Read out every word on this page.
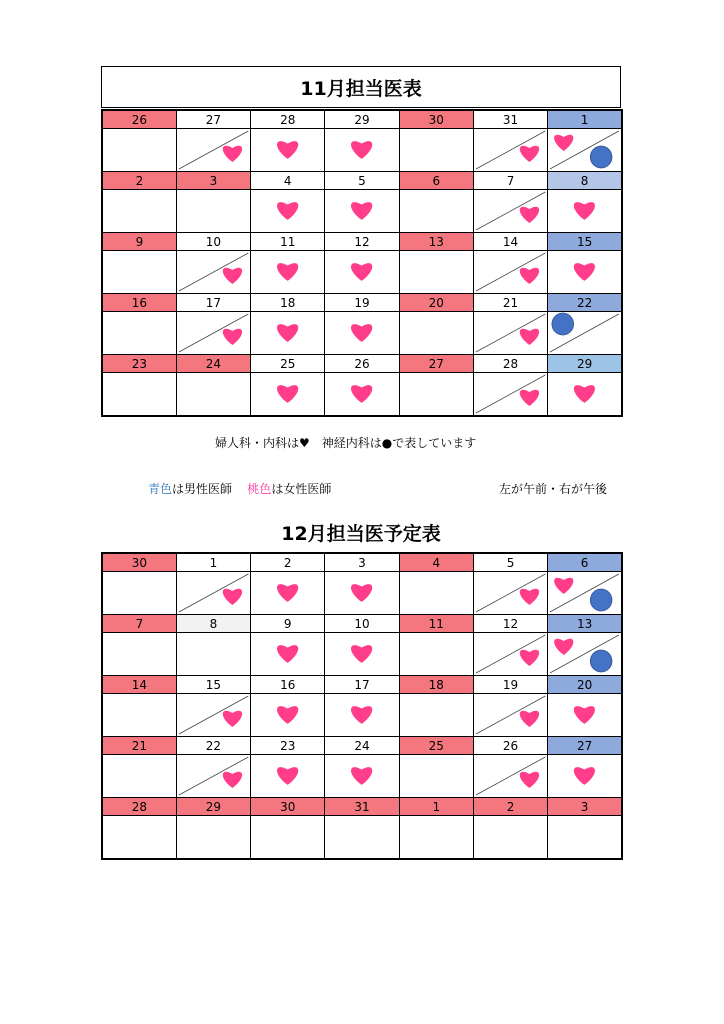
11月担当医表
26	27	28	29	30	31	1

2	3	4	5	6	7	8

9	10	11	12	13	14	15

16	17	18	19	20	21	22

23	24	25	26	27	28	29

婦人科・内科は♥　神経内科は●で表しています
青色は男性医師 桃色は女性医師	左が午前・右が午後
12月担当医予定表
30	1	2	3	4	5	6

7	8	9	10	11	12	13

14	15	16	17	18	19	20

21	22	23	24	25	26	27

28	29	30	31	1	2	3
